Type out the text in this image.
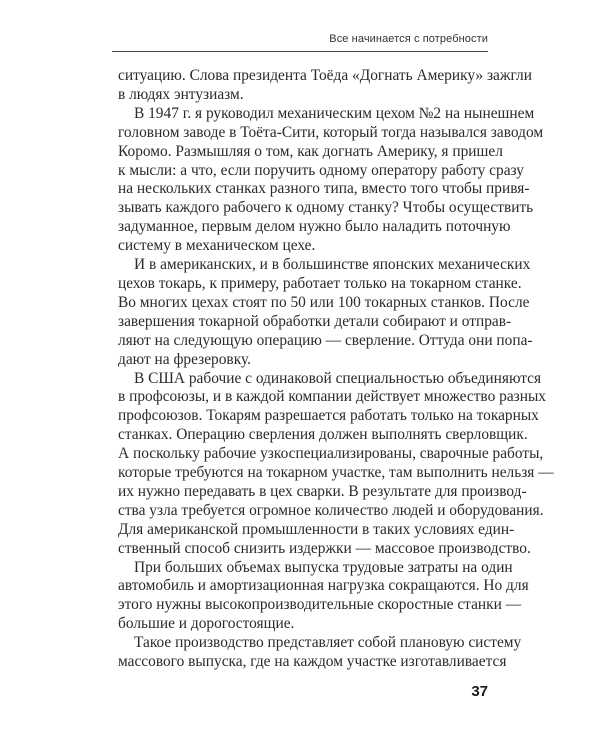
Все начинается с потребности
ситуацию. Слова президента Тоёда «Догнать Америку» зажгли
в людях энтузиазм.
В 1947 г. я руководил механическим цехом №2 на нынешнем
головном заводе в Тоёта-Сити, который тогда назывался заводом
Коромо. Размышляя о том, как догнать Америку, я пришел
к мысли: а что, если поручить одному оператору работу сразу
на нескольких станках разного типа, вместо того чтобы привя-
зывать каждого рабочего к одному станку? Чтобы осуществить
задуманное, первым делом нужно было наладить поточную
систему в механическом цехе.
И в американских, и в большинстве японских механических
цехов токарь, к примеру, работает только на токарном станке.
Во многих цехах стоят по 50 или 100 токарных станков. После
завершения токарной обработки детали собирают и отправ-
ляют на следующую операцию — сверление. Оттуда они попа-
дают на фрезеровку.
В США рабочие с одинаковой специальностью объединяются
в профсоюзы, и в каждой компании действует множество разных
профсоюзов. Токарям разрешается работать только на токарных
станках. Операцию сверления должен выполнять сверловщик.
А поскольку рабочие узкоспециализированы, сварочные работы,
которые требуются на токарном участке, там выполнить нельзя —
их нужно передавать в цех сварки. В результате для производ-
ства узла требуется огромное количество людей и оборудования.
Для американской промышленности в таких условиях един-
ственный способ снизить издержки — массовое производство.
При больших объемах выпуска трудовые затраты на один
автомобиль и амортизационная нагрузка сокращаются. Но для
этого нужны высокопроизводительные скоростные станки —
большие и дорогостоящие.
Такое производство представляет собой плановую систему
массового выпуска, где на каждом участке изготавливается
37
